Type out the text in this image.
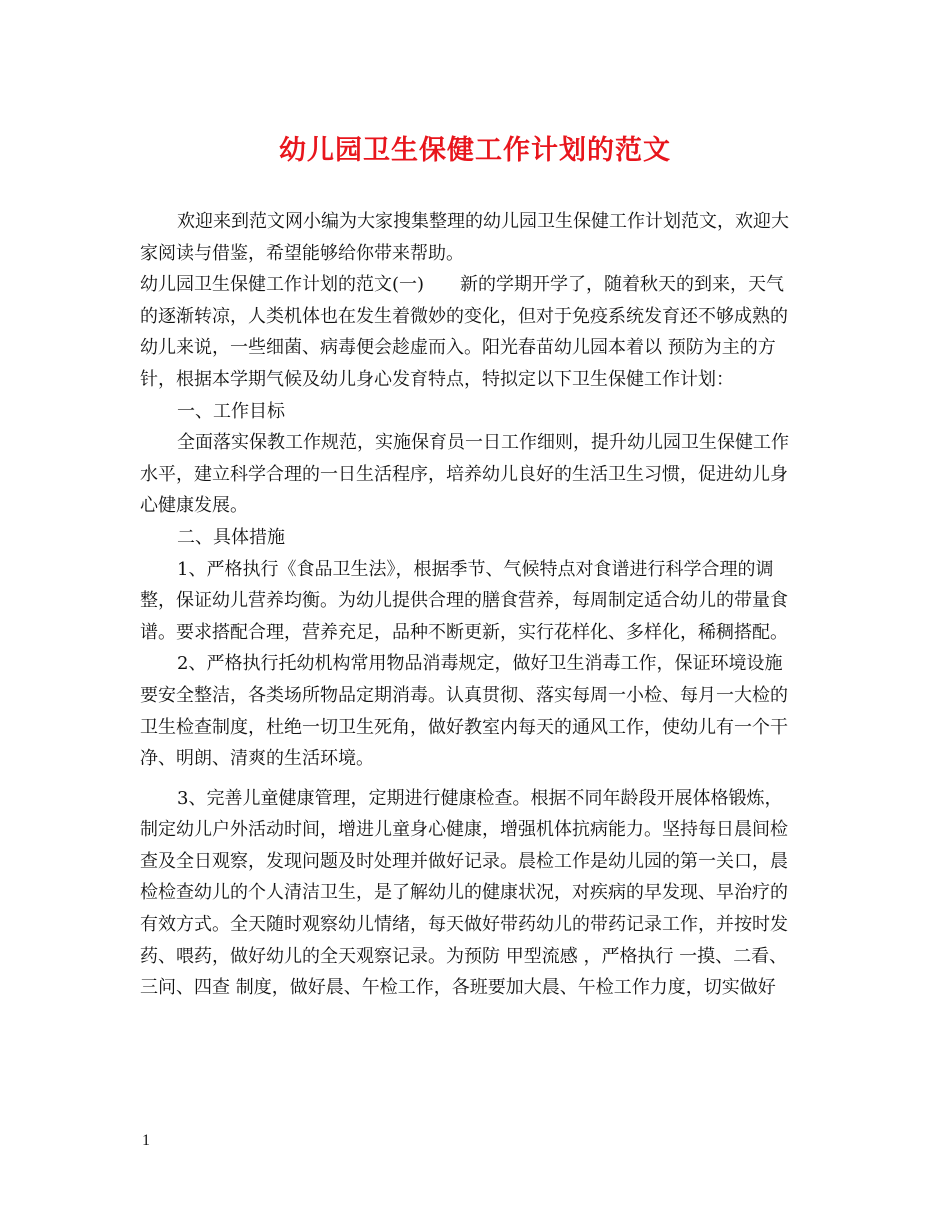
幼儿园卫生保健工作计划的范文
欢迎来到范文网小编为大家搜集整理的幼儿园卫生保健工作计划范文，欢迎大
家阅读与借鉴，希望能够给你带来帮助。
幼儿园卫生保健工作计划的范文(一)　　新的学期开学了，随着秋天的到来，天气
的逐渐转凉，人类机体也在发生着微妙的变化，但对于免疫系统发育还不够成熟的
幼儿来说，一些细菌、病毒便会趁虚而入。阳光春苗幼儿园本着以 预防为主的方
针，根据本学期气候及幼儿身心发育特点，特拟定以下卫生保健工作计划：
一、工作目标
全面落实保教工作规范，实施保育员一日工作细则，提升幼儿园卫生保健工作
水平，建立科学合理的一日生活程序，培养幼儿良好的生活卫生习惯，促进幼儿身
心健康发展。
二、具体措施
1、严格执行《食品卫生法》，根据季节、气候特点对食谱进行科学合理的调
整，保证幼儿营养均衡。为幼儿提供合理的膳食营养，每周制定适合幼儿的带量食
谱。要求搭配合理，营养充足，品种不断更新，实行花样化、多样化，稀稠搭配。
2、严格执行托幼机构常用物品消毒规定，做好卫生消毒工作，保证环境设施
要安全整洁，各类场所物品定期消毒。认真贯彻、落实每周一小检、每月一大检的
卫生检查制度，杜绝一切卫生死角，做好教室内每天的通风工作，使幼儿有一个干
净、明朗、清爽的生活环境。
3、完善儿童健康管理，定期进行健康检查。根据不同年龄段开展体格锻炼，
制定幼儿户外活动时间，增进儿童身心健康，增强机体抗病能力。坚持每日晨间检
查及全日观察，发现问题及时处理并做好记录。晨检工作是幼儿园的第一关口，晨
检检查幼儿的个人清洁卫生，是了解幼儿的健康状况，对疾病的早发现、早治疗的
有效方式。全天随时观察幼儿情绪，每天做好带药幼儿的带药记录工作，并按时发
药、喂药，做好幼儿的全天观察记录。为预防 甲型流感 ，严格执行 一摸、二看、
三问、四查 制度，做好晨、午检工作，各班要加大晨、午检工作力度，切实做好
1
